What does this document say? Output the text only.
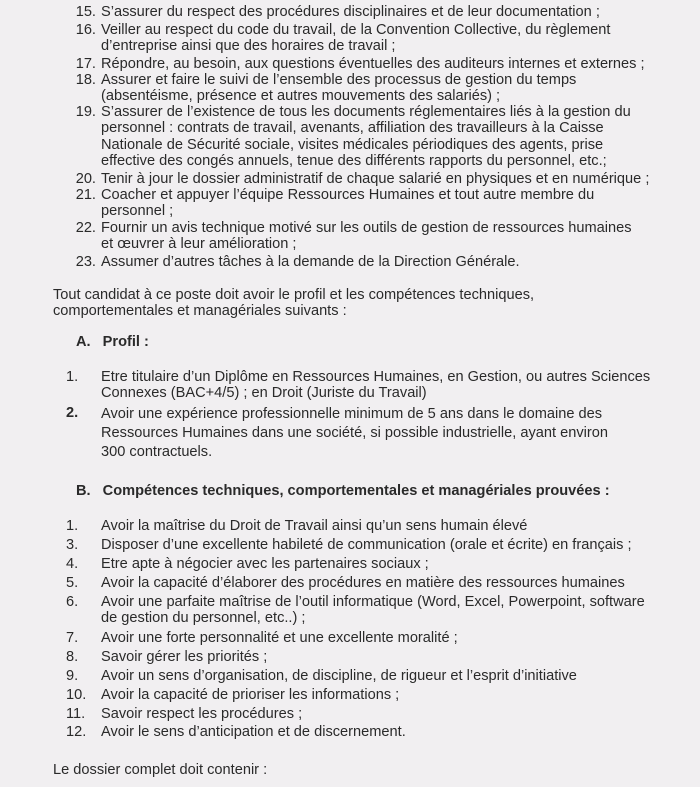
15. S’assurer du respect des procédures disciplinaires et de leur documentation ;
16. Veiller au respect du code du travail, de la Convention Collective, du règlement d’entreprise ainsi que des horaires de travail ;
17. Répondre, au besoin, aux questions éventuelles des auditeurs internes et externes ;
18. Assurer et faire le suivi de l’ensemble des processus de gestion du temps (absentéisme, présence et autres mouvements des salariés) ;
19. S’assurer de l’existence de tous les documents réglementaires liés à la gestion du personnel : contrats de travail, avenants, affiliation des travailleurs à la Caisse Nationale de Sécurité sociale, visites médicales périodiques des agents, prise effective des congés annuels, tenue des différents rapports du personnel, etc.;
20. Tenir à jour le dossier administratif de chaque salarié en physiques et en numérique ;
21. Coacher et appuyer l’équipe Ressources Humaines et tout autre membre du personnel ;
22. Fournir un avis technique motivé sur les outils de gestion de ressources humaines et œuvrer à leur amélioration ;
23. Assumer d’autres tâches à la demande de la Direction Générale.

Tout candidat à ce poste doit avoir le profil et les compétences techniques, comportementales et managériales suivants :

A. Profil :
1.	Etre titulaire d’un Diplôme en Ressources Humaines, en Gestion, ou autres Sciences Connexes (BAC+4/5) ; en Droit (Juriste du Travail)
2.	Avoir une expérience professionnelle minimum de 5 ans dans le domaine des Ressources Humaines dans une société, si possible industrielle, ayant environ 300 contractuels.
B. Compétences techniques, comportementales et managériales prouvées :
1.	Avoir la maîtrise du Droit de Travail ainsi qu’un sens humain élevé
3.	Disposer d’une excellente habileté de communication (orale et écrite) en français ;
4.	Etre apte à négocier avec les partenaires sociaux ;
5.	Avoir la capacité d’élaborer des procédures en matière des ressources humaines
6.	Avoir une parfaite maîtrise de l’outil informatique (Word, Excel, Powerpoint, software de gestion du personnel, etc..) ;
7.	Avoir une forte personnalité et une excellente moralité ;
8.	Savoir gérer les priorités ;
9.	Avoir un sens d’organisation, de discipline, de rigueur et l’esprit d’initiative
10.	Avoir la capacité de prioriser les informations ;
11.	Savoir respect les procédures ;
12.	Avoir le sens d’anticipation et de discernement.

Le dossier complet doit contenir :
